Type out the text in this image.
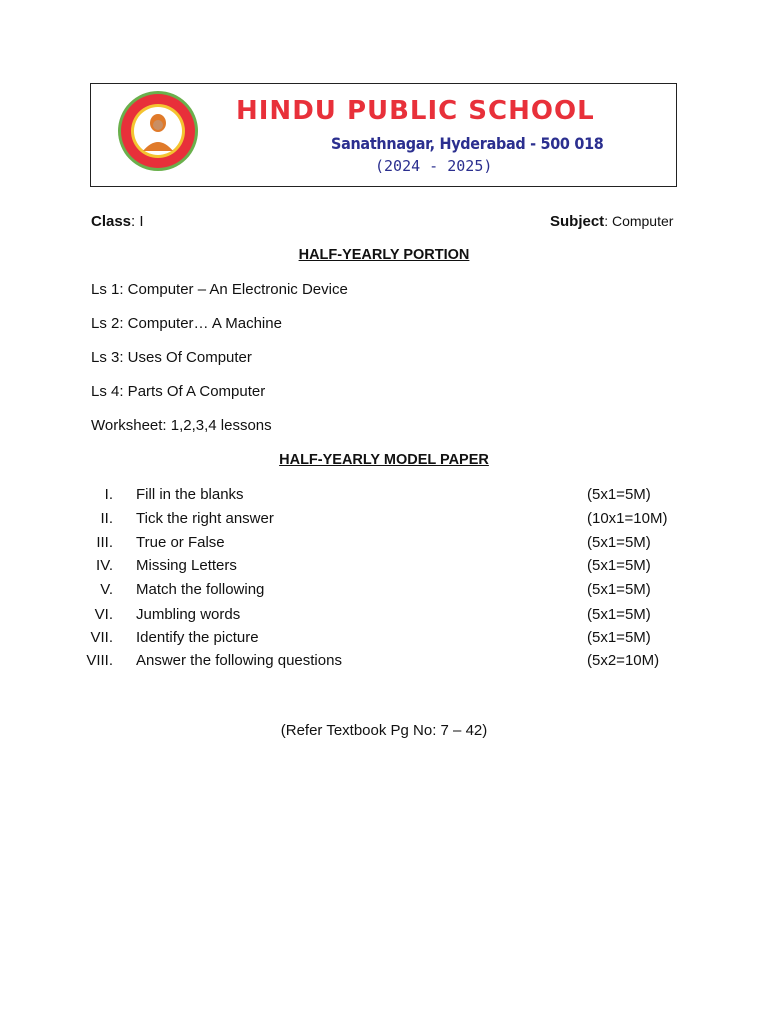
HINDU PUBLIC SCHOOL
Sanathnagar, Hyderabad - 500 018
(2024 - 2025)
Class: I	Subject: Computer
HALF-YEARLY PORTION
Ls 1: Computer – An Electronic Device
Ls 2: Computer… A Machine
Ls 3: Uses Of Computer
Ls 4: Parts Of A Computer
Worksheet: 1,2,3,4 lessons
HALF-YEARLY MODEL PAPER
I. Fill in the blanks	(5x1=5M)
II. Tick the right answer	(10x1=10M)
III. True or False	(5x1=5M)
IV. Missing Letters	(5x1=5M)
V. Match the following	(5x1=5M)
VI. Jumbling words	(5x1=5M)
VII. Identify the picture	(5x1=5M)
VIII. Answer the following questions	(5x2=10M)
(Refer Textbook Pg No: 7 – 42)
